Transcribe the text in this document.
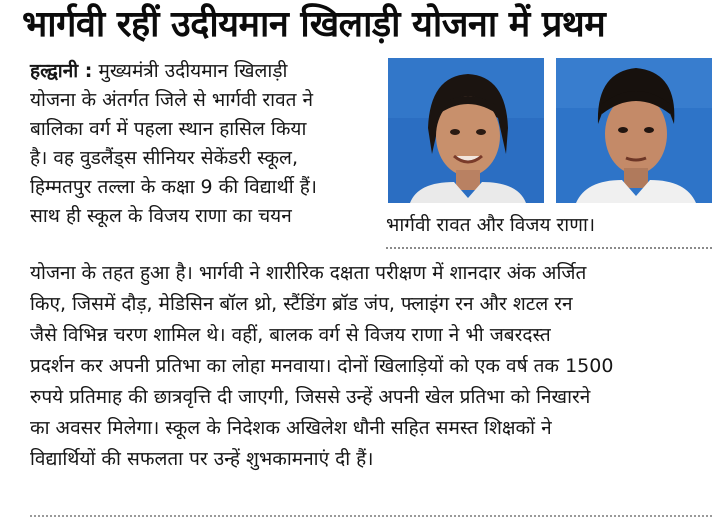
भार्गवी रहीं उदीयमान खिलाड़ी योजना में प्रथम
हल्द्वानी : मुख्यमंत्री उदीयमान खिलाड़ी
योजना के अंतर्गत जिले से भार्गवी रावत ने
बालिका वर्ग में पहला स्थान हासिल किया
है। वह वुडलैंड्स सीनियर सेकेंडरी स्कूल,
हिम्मतपुर तल्ला के कक्षा 9 की विद्यार्थी हैं।
साथ ही स्कूल के विजय राणा का चयन	भार्गवी रावत और विजय राणा।
योजना के तहत हुआ है। भार्गवी ने शारीरिक दक्षता परीक्षण में शानदार अंक अर्जित
किए, जिसमें दौड़, मेडिसिन बॉल थ्रो, स्टैंडिंग ब्रॉड जंप, फ्लाइंग रन और शटल रन
जैसे विभिन्न चरण शामिल थे। वहीं, बालक वर्ग से विजय राणा ने भी जबरदस्त
प्रदर्शन कर अपनी प्रतिभा का लोहा मनवाया। दोनों खिलाड़ियों को एक वर्ष तक 1500
रुपये प्रतिमाह की छात्रवृत्ति दी जाएगी, जिससे उन्हें अपनी खेल प्रतिभा को निखारने
का अवसर मिलेगा। स्कूल के निदेशक अखिलेश धौनी सहित समस्त शिक्षकों ने
विद्यार्थियों की सफलता पर उन्हें शुभकामनाएं दी हैं।
